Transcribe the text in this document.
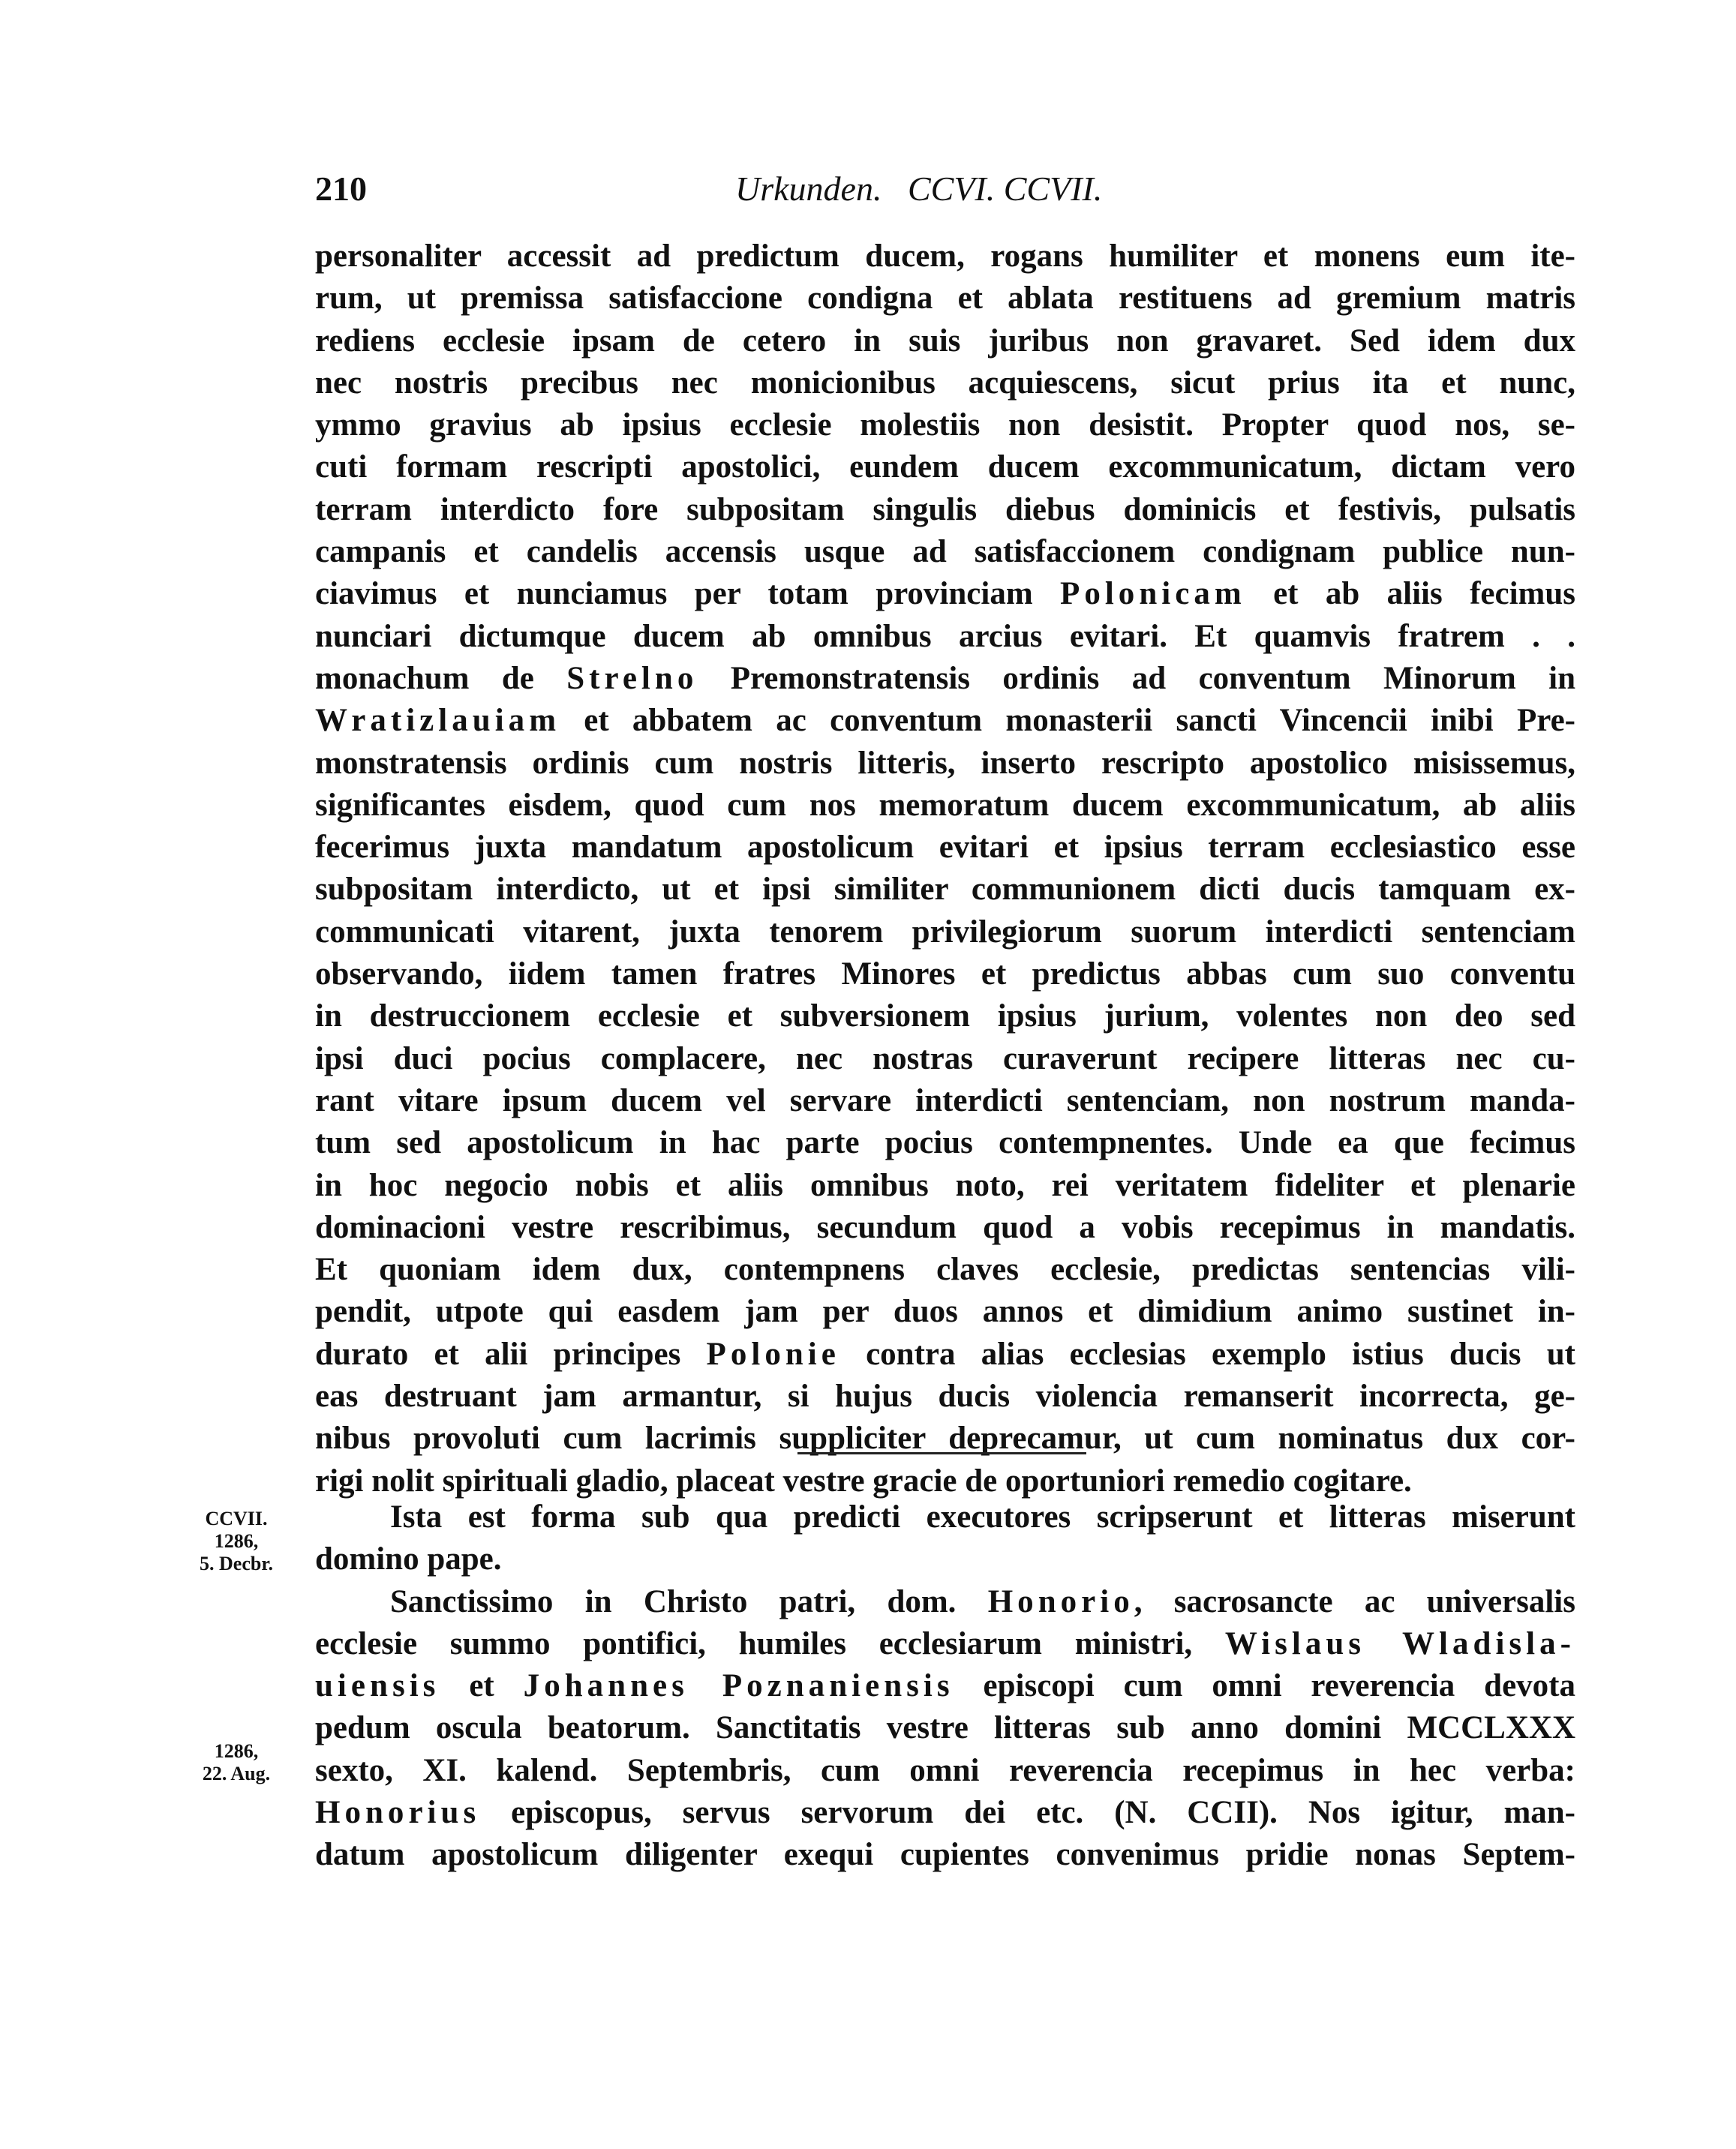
210	Urkunden.   CCVI. CCVII.
personaliter accessit ad predictum ducem, rogans humiliter et monens eum ite-
rum, ut premissa satisfaccione condigna et ablata restituens ad gremium matris
rediens ecclesie ipsam de cetero in suis juribus non gravaret. Sed idem dux
nec nostris precibus nec monicionibus acquiescens, sicut prius ita et nunc,
ymmo gravius ab ipsius ecclesie molestiis non desistit. Propter quod nos, se-
cuti formam rescripti apostolici, eundem ducem excommunicatum, dictam vero
terram interdicto fore subpositam singulis diebus dominicis et festivis, pulsatis
campanis et candelis accensis usque ad satisfaccionem condignam publice nun-
ciavimus et nunciamus per totam provinciam Polonicam et ab aliis fecimus
nunciari dictumque ducem ab omnibus arcius evitari. Et quamvis fratrem . .
monachum de Strelno Premonstratensis ordinis ad conventum Minorum in
Wratizlauiam et abbatem ac conventum monasterii sancti Vincencii inibi Pre-
monstratensis ordinis cum nostris litteris, inserto rescripto apostolico misissemus,
significantes eisdem, quod cum nos memoratum ducem excommunicatum, ab aliis
fecerimus juxta mandatum apostolicum evitari et ipsius terram ecclesiastico esse
subpositam interdicto, ut et ipsi similiter communionem dicti ducis tamquam ex-
communicati vitarent, juxta tenorem privilegiorum suorum interdicti sentenciam
observando, iidem tamen fratres Minores et predictus abbas cum suo conventu
in destruccionem ecclesie et subversionem ipsius jurium, volentes non deo sed
ipsi duci pocius complacere, nec nostras curaverunt recipere litteras nec cu-
rant vitare ipsum ducem vel servare interdicti sentenciam, non nostrum manda-
tum sed apostolicum in hac parte pocius contempnentes. Unde ea que fecimus
in hoc negocio nobis et aliis omnibus noto, rei veritatem fideliter et plenarie
dominacioni vestre rescribimus, secundum quod a vobis recepimus in mandatis.
Et quoniam idem dux, contempnens claves ecclesie, predictas sentencias vili-
pendit, utpote qui easdem jam per duos annos et dimidium animo sustinet in-
durato et alii principes Polonie contra alias ecclesias exemplo istius ducis ut
eas destruant jam armantur, si hujus ducis violencia remanserit incorrecta, ge-
nibus provoluti cum lacrimis suppliciter deprecamur, ut cum nominatus dux cor-
rigi nolit spirituali gladio, placeat vestre gracie de oportuniori remedio cogitare.
CCVII.
1286,
5. Decbr.
1286,
22. Aug.
Ista est forma sub qua predicti executores scripserunt et litteras miserunt
domino pape.
Sanctissimo in Christo patri, dom. Honorio, sacrosancte ac universalis
ecclesie summo pontifici, humiles ecclesiarum ministri, Wislaus Wladisla-
uiensis et Johannes Poznaniensis episcopi cum omni reverencia devota
pedum oscula beatorum. Sanctitatis vestre litteras sub anno domini MCCLXXX
sexto, XI. kalend. Septembris, cum omni reverencia recepimus in hec verba:
Honorius episcopus, servus servorum dei etc. (N. CCII). Nos igitur, man-
datum apostolicum diligenter exequi cupientes convenimus pridie nonas Septem-
